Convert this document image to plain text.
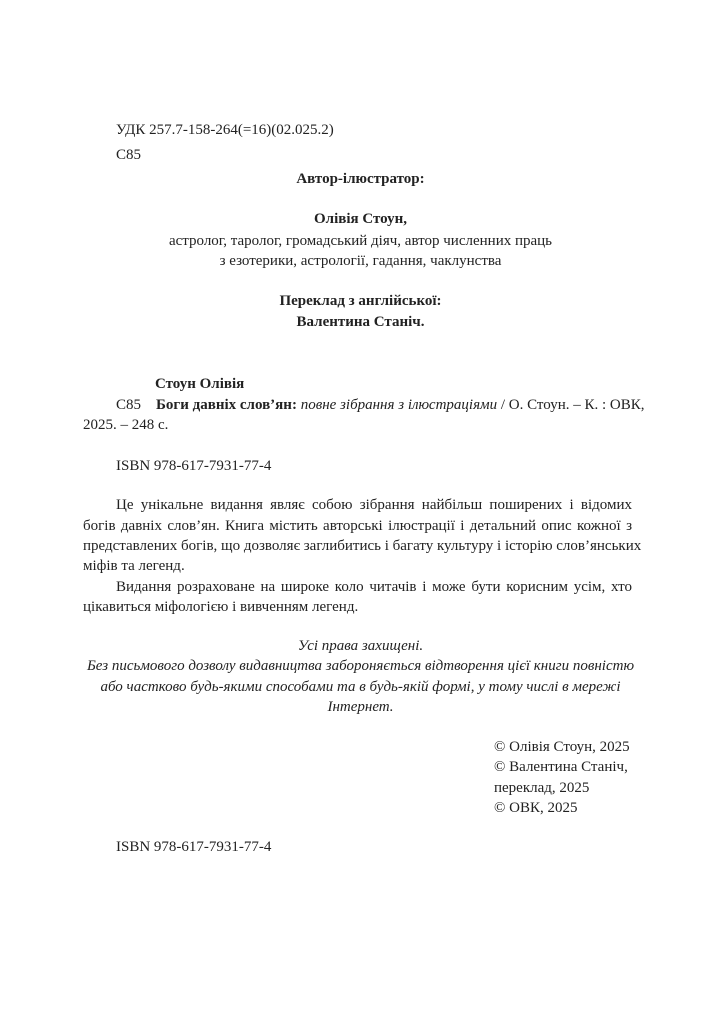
УДК 257.7-158-264(=16)(02.025.2)
С85
Автор-ілюстратор:
Олівія Стоун,
астролог, таролог, громадський діяч, автор численних праць
з езотерики, астрології, гадання, чаклунства
Переклад з англійської:
Валентина Станіч.
Стоун Олівія
С85 Боги давніх слов’ян: повне зібрання з ілюстраціями / О. Стоун. – К. : ОВК,
2025. – 248 с.
ISBN 978-617-7931-77-4
Це унікальне видання являє собою зібрання найбільш поширених і відомих
богів давніх слов’ян. Книга містить авторські ілюстрації і детальний опис кожної з
представлених богів, що дозволяє заглибитись і багату культуру і історію слов’янських
міфів та легенд.
Видання розраховане на широке коло читачів і може бути корисним усім, хто
цікавиться міфологією і вивченням легенд.
Усі права захищені.
Без письмового дозволу видавництва забороняється відтворення цієї книги повністю
або частково будь-якими способами та в будь-якій формі, у тому числі в мережі
Інтернет.
© Олівія Стоун, 2025
© Валентина Станіч,
переклад, 2025
© ОВК, 2025
ISBN 978-617-7931-77-4
